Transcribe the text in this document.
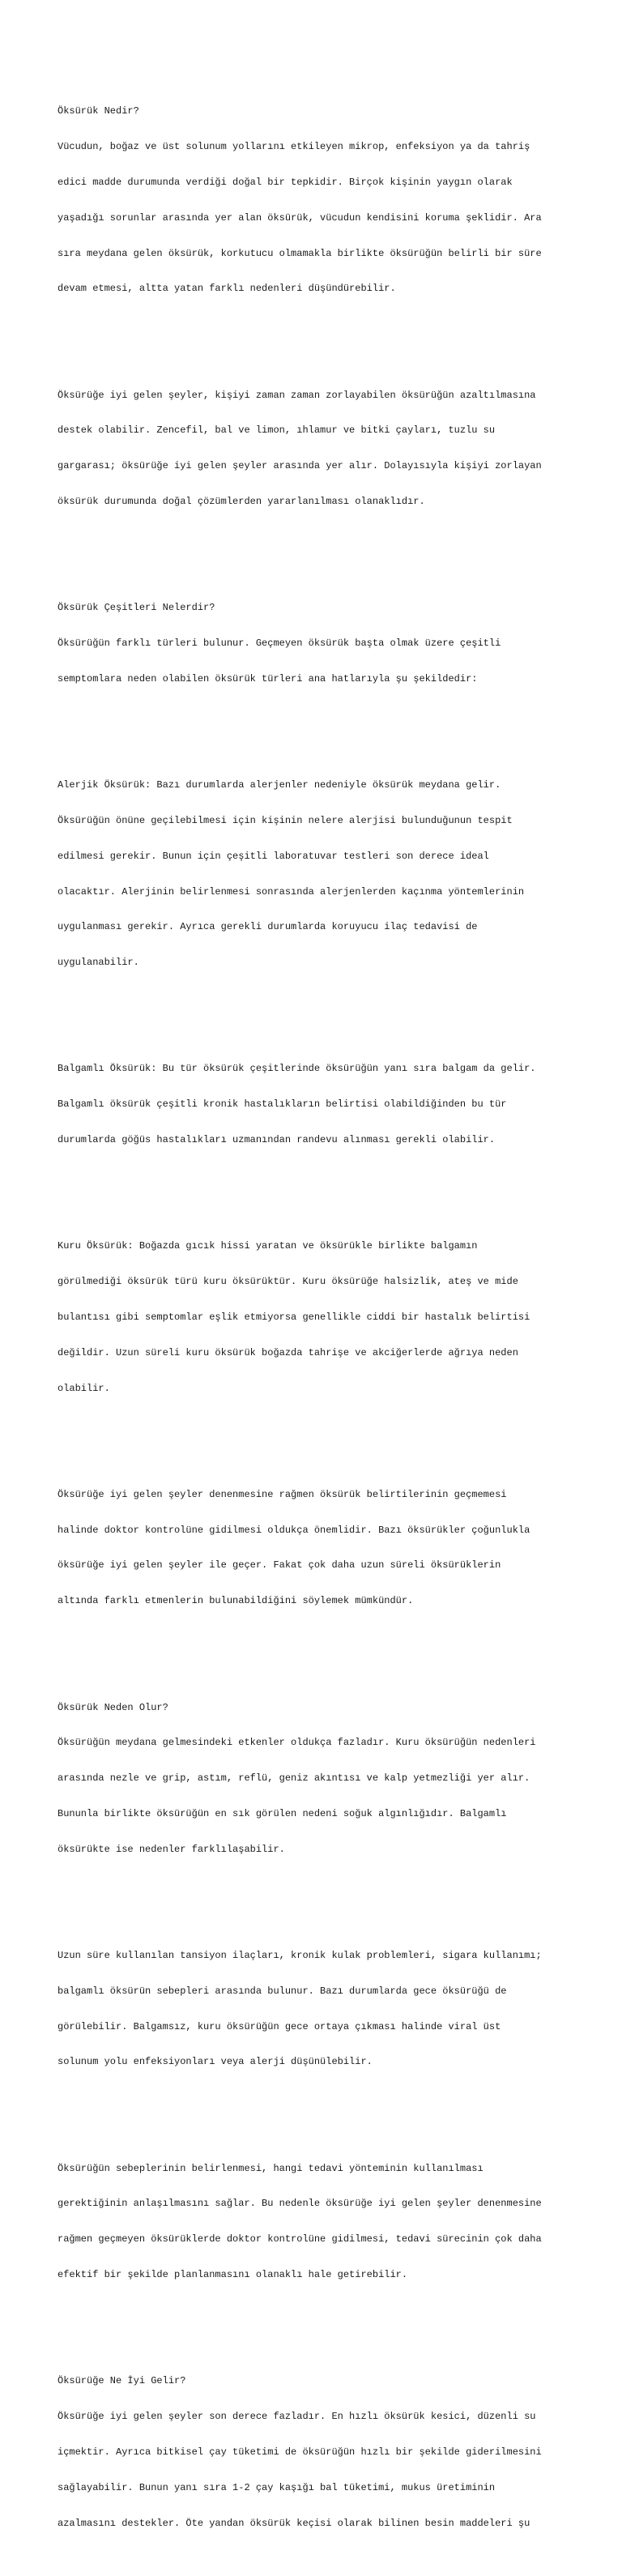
Öksürük Nedir?

Vücudun, boğaz ve üst solunum yollarını etkileyen mikrop, enfeksiyon ya da tahriş

edici madde durumunda verdiği doğal bir tepkidir. Birçok kişinin yaygın olarak

yaşadığı sorunlar arasında yer alan öksürük, vücudun kendisini koruma şeklidir. Ara

sıra meydana gelen öksürük, korkutucu olmamakla birlikte öksürüğün belirli bir süre

devam etmesi, altta yatan farklı nedenleri düşündürebilir.

Öksürüğe iyi gelen şeyler, kişiyi zaman zaman zorlayabilen öksürüğün azaltılmasına

destek olabilir. Zencefil, bal ve limon, ıhlamur ve bitki çayları, tuzlu su

gargarası; öksürüğe iyi gelen şeyler arasında yer alır. Dolayısıyla kişiyi zorlayan

öksürük durumunda doğal çözümlerden yararlanılması olanaklıdır.

Öksürük Çeşitleri Nelerdir?

Öksürüğün farklı türleri bulunur. Geçmeyen öksürük başta olmak üzere çeşitli

semptomlara neden olabilen öksürük türleri ana hatlarıyla şu şekildedir:

Alerjik Öksürük: Bazı durumlarda alerjenler nedeniyle öksürük meydana gelir.

Öksürüğün önüne geçilebilmesi için kişinin nelere alerjisi bulunduğunun tespit

edilmesi gerekir. Bunun için çeşitli laboratuvar testleri son derece ideal

olacaktır. Alerjinin belirlenmesi sonrasında alerjenlerden kaçınma yöntemlerinin

uygulanması gerekir. Ayrıca gerekli durumlarda koruyucu ilaç tedavisi de

uygulanabilir.

Balgamlı Öksürük: Bu tür öksürük çeşitlerinde öksürüğün yanı sıra balgam da gelir.

Balgamlı öksürük çeşitli kronik hastalıkların belirtisi olabildiğinden bu tür

durumlarda göğüs hastalıkları uzmanından randevu alınması gerekli olabilir.

Kuru Öksürük: Boğazda gıcık hissi yaratan ve öksürükle birlikte balgamın

görülmediği öksürük türü kuru öksürüktür. Kuru öksürüğe halsizlik, ateş ve mide

bulantısı gibi semptomlar eşlik etmiyorsa genellikle ciddi bir hastalık belirtisi

değildir. Uzun süreli kuru öksürük boğazda tahrişe ve akciğerlerde ağrıya neden

olabilir.

Öksürüğe iyi gelen şeyler denenmesine rağmen öksürük belirtilerinin geçmemesi

halinde doktor kontrolüne gidilmesi oldukça önemlidir. Bazı öksürükler çoğunlukla

öksürüğe iyi gelen şeyler ile geçer. Fakat çok daha uzun süreli öksürüklerin

altında farklı etmenlerin bulunabildiğini söylemek mümkündür.

Öksürük Neden Olur?

Öksürüğün meydana gelmesindeki etkenler oldukça fazladır. Kuru öksürüğün nedenleri

arasında nezle ve grip, astım, reflü, geniz akıntısı ve kalp yetmezliği yer alır.

Bununla birlikte öksürüğün en sık görülen nedeni soğuk algınlığıdır. Balgamlı

öksürükte ise nedenler farklılaşabilir.

Uzun süre kullanılan tansiyon ilaçları, kronik kulak problemleri, sigara kullanımı;

balgamlı öksürün sebepleri arasında bulunur. Bazı durumlarda gece öksürüğü de

görülebilir. Balgamsız, kuru öksürüğün gece ortaya çıkması halinde viral üst

solunum yolu enfeksiyonları veya alerji düşünülebilir.

Öksürüğün sebeplerinin belirlenmesi, hangi tedavi yönteminin kullanılması

gerektiğinin anlaşılmasını sağlar. Bu nedenle öksürüğe iyi gelen şeyler denenmesine

rağmen geçmeyen öksürüklerde doktor kontrolüne gidilmesi, tedavi sürecinin çok daha

efektif bir şekilde planlanmasını olanaklı hale getirebilir.

Öksürüğe Ne İyi Gelir?

Öksürüğe iyi gelen şeyler son derece fazladır. En hızlı öksürük kesici, düzenli su

içmektir. Ayrıca bitkisel çay tüketimi de öksürüğün hızlı bir şekilde giderilmesini

sağlayabilir. Bunun yanı sıra 1-2 çay kaşığı bal tüketimi, mukus üretiminin

azalmasını destekler. Öte yandan öksürük keçisi olarak bilinen besin maddeleri şu
